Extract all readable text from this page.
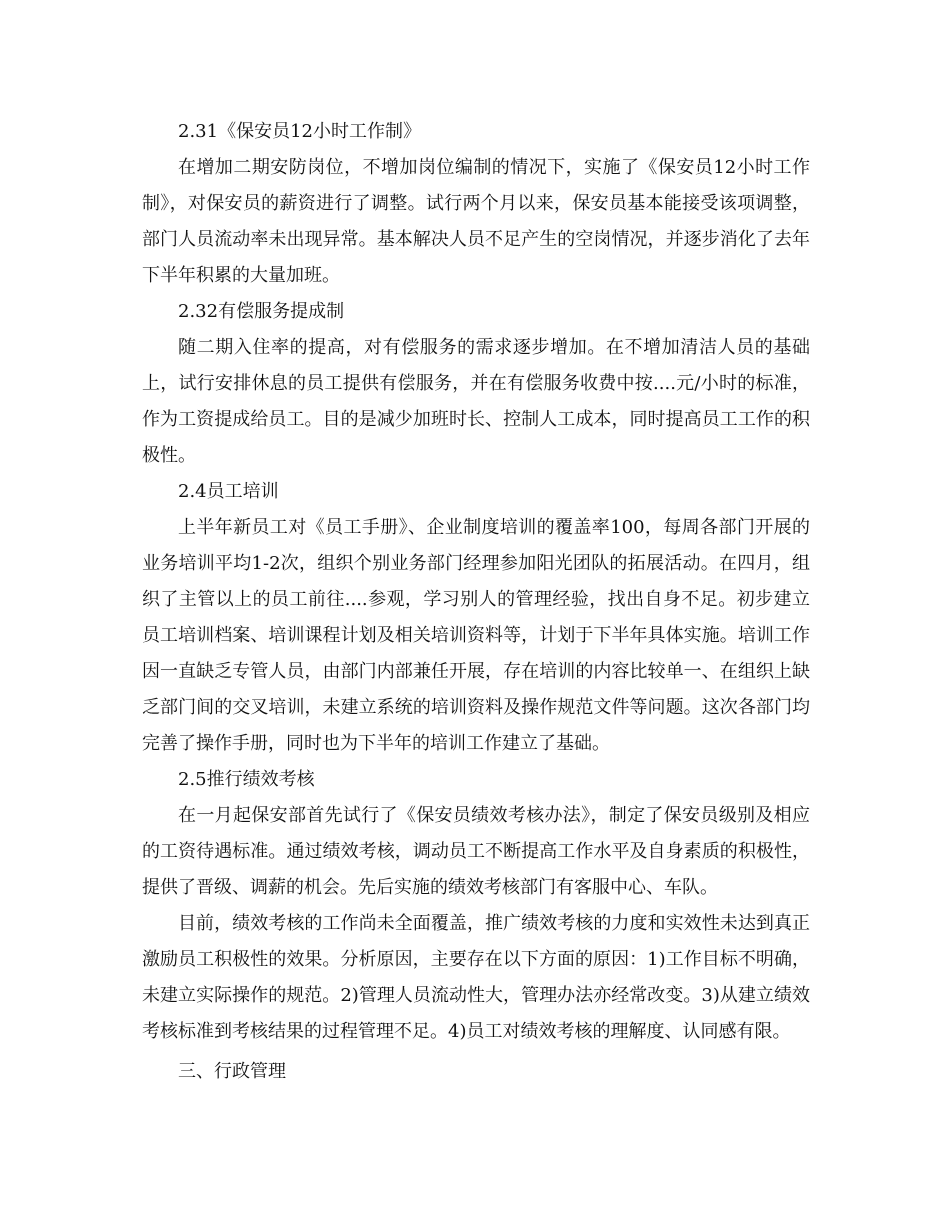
2.31《保安员12小时工作制》

在增加二期安防岗位，不增加岗位编制的情况下，实施了《保安员12小时工作制》，对保安员的薪资进行了调整。试行两个月以来，保安员基本能接受该项调整，部门人员流动率未出现异常。基本解决人员不足产生的空岗情况，并逐步消化了去年下半年积累的大量加班。

2.32有偿服务提成制

随二期入住率的提高，对有偿服务的需求逐步增加。在不增加清洁人员的基础上，试行安排休息的员工提供有偿服务，并在有偿服务收费中按....元/小时的标准，作为工资提成给员工。目的是减少加班时长、控制人工成本，同时提高员工工作的积极性。

2.4员工培训

上半年新员工对《员工手册》、企业制度培训的覆盖率100，每周各部门开展的业务培训平均1-2次，组织个别业务部门经理参加阳光团队的拓展活动。在四月，组织了主管以上的员工前往....参观，学习别人的管理经验，找出自身不足。初步建立员工培训档案、培训课程计划及相关培训资料等，计划于下半年具体实施。培训工作因一直缺乏专管人员，由部门内部兼任开展，存在培训的内容比较单一、在组织上缺乏部门间的交叉培训，未建立系统的培训资料及操作规范文件等问题。这次各部门均完善了操作手册，同时也为下半年的培训工作建立了基础。

2.5推行绩效考核

在一月起保安部首先试行了《保安员绩效考核办法》，制定了保安员级别及相应的工资待遇标准。通过绩效考核，调动员工不断提高工作水平及自身素质的积极性，提供了晋级、调薪的机会。先后实施的绩效考核部门有客服中心、车队。

目前，绩效考核的工作尚未全面覆盖，推广绩效考核的力度和实效性未达到真正激励员工积极性的效果。分析原因，主要存在以下方面的原因：1)工作目标不明确，未建立实际操作的规范。2)管理人员流动性大，管理办法亦经常改变。3)从建立绩效考核标准到考核结果的过程管理不足。4)员工对绩效考核的理解度、认同感有限。

三、行政管理
